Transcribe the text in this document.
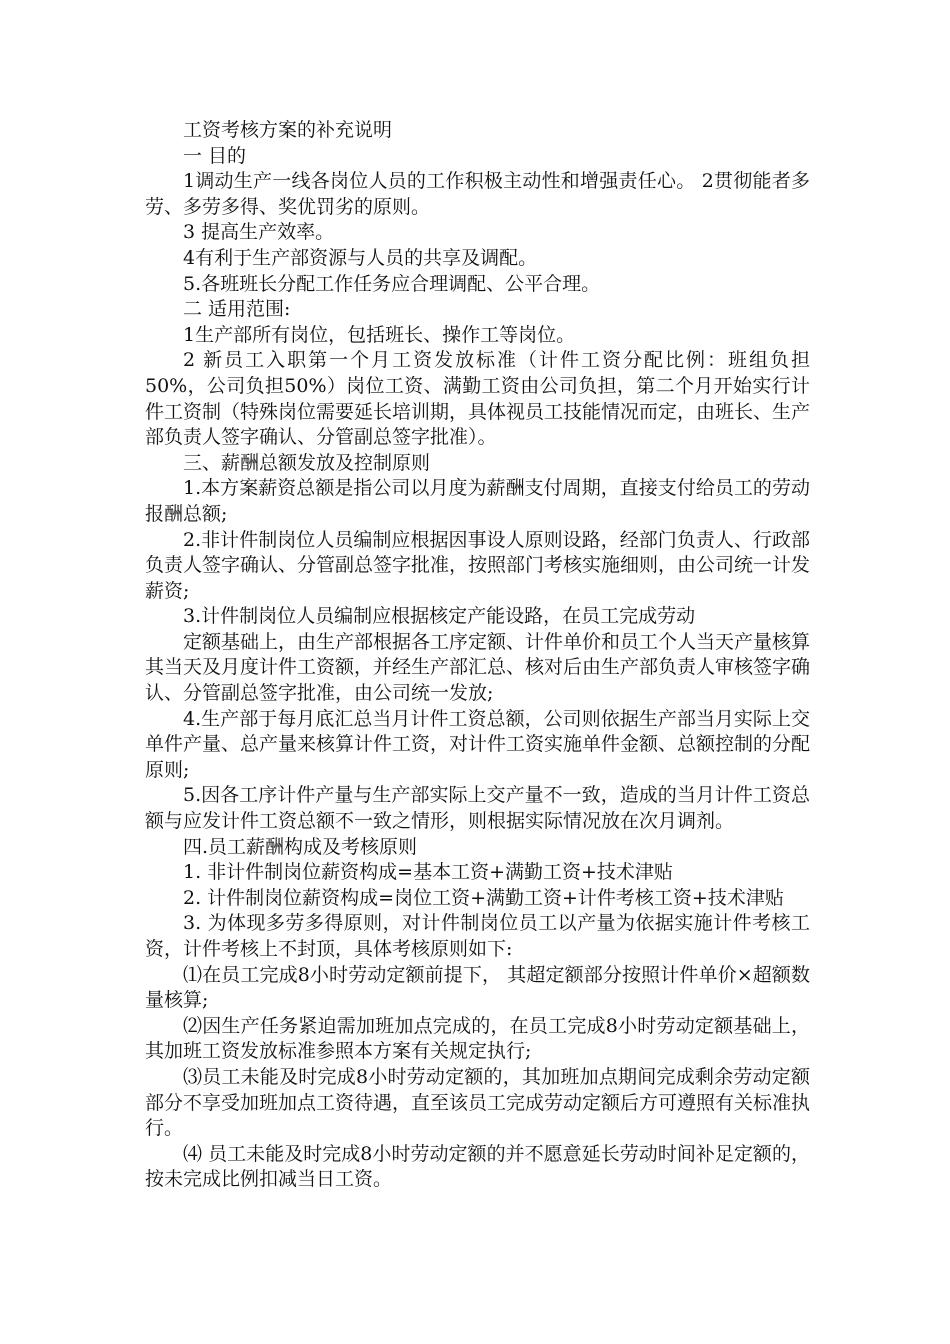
工资考核方案的补充说明

一 目的

1调动生产一线各岗位人员的工作积极主动性和增强责任心。 2贯彻能者多劳、多劳多得、奖优罚劣的原则。

3 提高生产效率。

4有利于生产部资源与人员的共享及调配。

5.各班班长分配工作任务应合理调配、公平合理。

二 适用范围:

1生产部所有岗位，包括班长、操作工等岗位。

2 新员工入职第一个月工资发放标准（计件工资分配比例：班组负担50%，公司负担50%）岗位工资、满勤工资由公司负担，第二个月开始实行计件工资制（特殊岗位需要延长培训期，具体视员工技能情况而定，由班长、生产部负责人签字确认、分管副总签字批准）。

三、薪酬总额发放及控制原则

1.本方案薪资总额是指公司以月度为薪酬支付周期，直接支付给员工的劳动报酬总额;

2.非计件制岗位人员编制应根据因事设人原则设路，经部门负责人、行政部负责人签字确认、分管副总签字批准，按照部门考核实施细则，由公司统一计发薪资;

3.计件制岗位人员编制应根据核定产能设路，在员工完成劳动

定额基础上，由生产部根据各工序定额、计件单价和员工个人当天产量核算其当天及月度计件工资额，并经生产部汇总、核对后由生产部负责人审核签字确认、分管副总签字批准，由公司统一发放;

4.生产部于每月底汇总当月计件工资总额，公司则依据生产部当月实际上交单件产量、总产量来核算计件工资，对计件工资实施单件金额、总额控制的分配原则;

5.因各工序计件产量与生产部实际上交产量不一致，造成的当月计件工资总额与应发计件工资总额不一致之情形，则根据实际情况放在次月调剂。

四.员工薪酬构成及考核原则

1. 非计件制岗位薪资构成=基本工资+满勤工资+技术津贴

2. 计件制岗位薪资构成=岗位工资+满勤工资+计件考核工资+技术津贴

3. 为体现多劳多得原则，对计件制岗位员工以产量为依据实施计件考核工资，计件考核上不封顶，具体考核原则如下:

⑴在员工完成8小时劳动定额前提下， 其超定额部分按照计件单价×超额数量核算;

⑵因生产任务紧迫需加班加点完成的，在员工完成8小时劳动定额基础上，其加班工资发放标准参照本方案有关规定执行;

⑶员工未能及时完成8小时劳动定额的，其加班加点期间完成剩余劳动定额部分不享受加班加点工资待遇，直至该员工完成劳动定额后方可遵照有关标准执行。

⑷ 员工未能及时完成8小时劳动定额的并不愿意延长劳动时间补足定额的，按未完成比例扣减当日工资。
